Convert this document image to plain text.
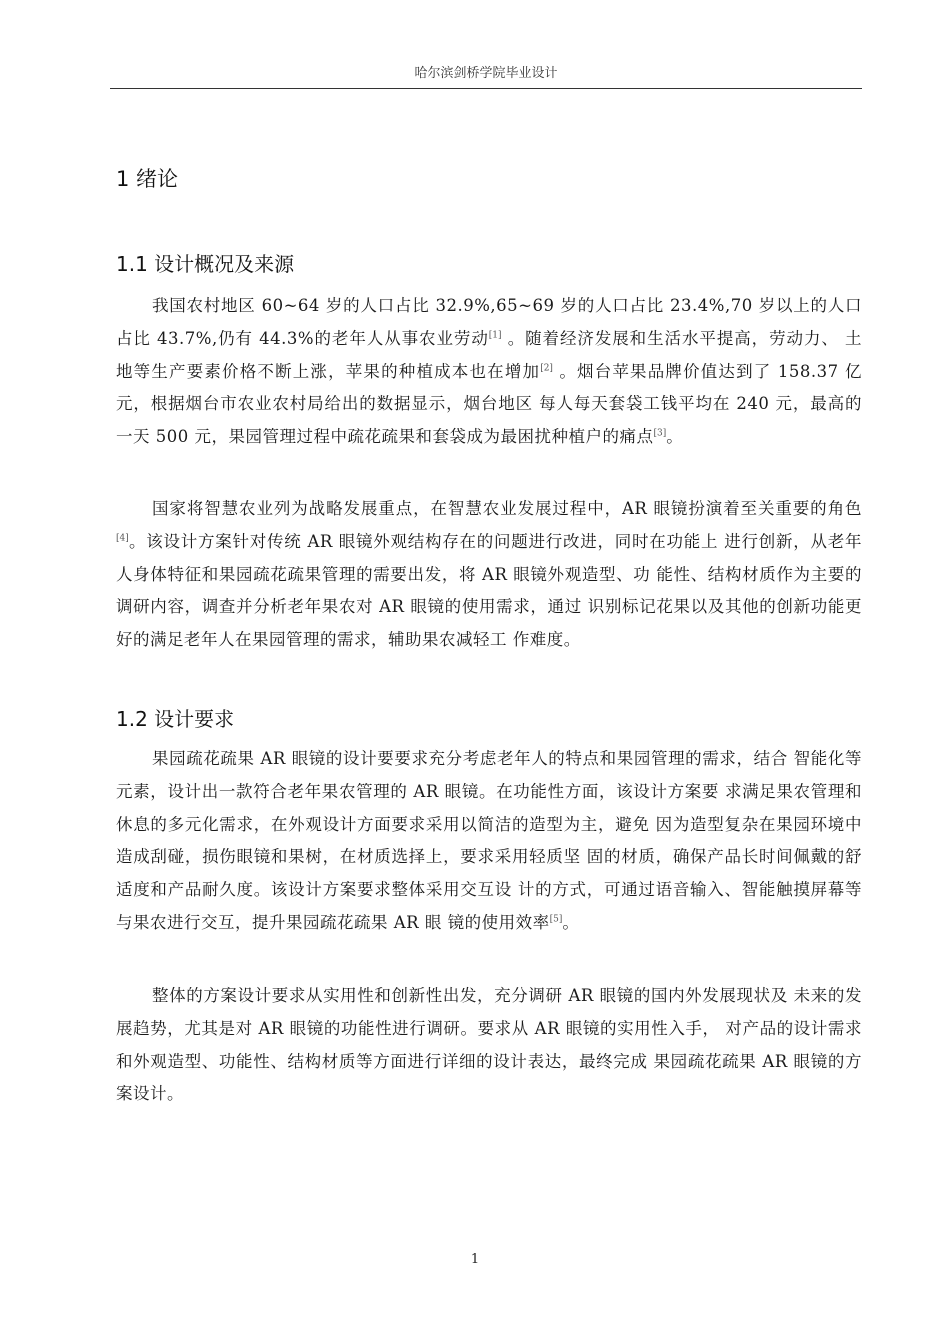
哈尔滨剑桥学院毕业设计
1 绪论
1.1 设计概况及来源

我国农村地区 60~64 岁的人口占比 32.9%,65~69 岁的人口占比 23.4%,70 岁以上的人口 占比 43.7%,仍有 44.3%的老年人从事农业劳动[1] 。随着经济发展和生活水平提高，劳动力、 土地等生产要素价格不断上涨，苹果的种植成本也在增加[2] 。烟台苹果品牌价值达到了 158.37 亿元，根据烟台市农业农村局给出的数据显示，烟台地区 每人每天套袋工钱平均在 240 元，最高的一天 500 元，果园管理过程中疏花疏果和套袋成为最困扰种植户的痛点[3]。

国家将智慧农业列为战略发展重点，在智慧农业发展过程中，AR 眼镜扮演着至关重要的角色[4]。该设计方案针对传统 AR 眼镜外观结构存在的问题进行改进，同时在功能上 进行创新，从老年人身体特征和果园疏花疏果管理的需要出发，将 AR 眼镜外观造型、功 能性、结构材质作为主要的调研内容，调查并分析老年果农对 AR 眼镜的使用需求，通过 识别标记花果以及其他的创新功能更好的满足老年人在果园管理的需求，辅助果农减轻工 作难度。

1.2 设计要求

果园疏花疏果 AR 眼镜的设计要要求充分考虑老年人的特点和果园管理的需求，结合 智能化等元素，设计出一款符合老年果农管理的 AR 眼镜。在功能性方面，该设计方案要 求满足果农管理和休息的多元化需求，在外观设计方面要求采用以简洁的造型为主，避免 因为造型复杂在果园环境中造成刮碰，损伤眼镜和果树，在材质选择上，要求采用轻质坚 固的材质，确保产品长时间佩戴的舒适度和产品耐久度。该设计方案要求整体采用交互设 计的方式，可通过语音输入、智能触摸屏幕等与果农进行交互，提升果园疏花疏果 AR 眼 镜的使用效率[5]。

整体的方案设计要求从实用性和创新性出发，充分调研 AR 眼镜的国内外发展现状及 未来的发展趋势，尤其是对 AR 眼镜的功能性进行调研。要求从 AR 眼镜的实用性入手， 对产品的设计需求和外观造型、功能性、结构材质等方面进行详细的设计表达，最终完成 果园疏花疏果 AR 眼镜的方案设计。

1
